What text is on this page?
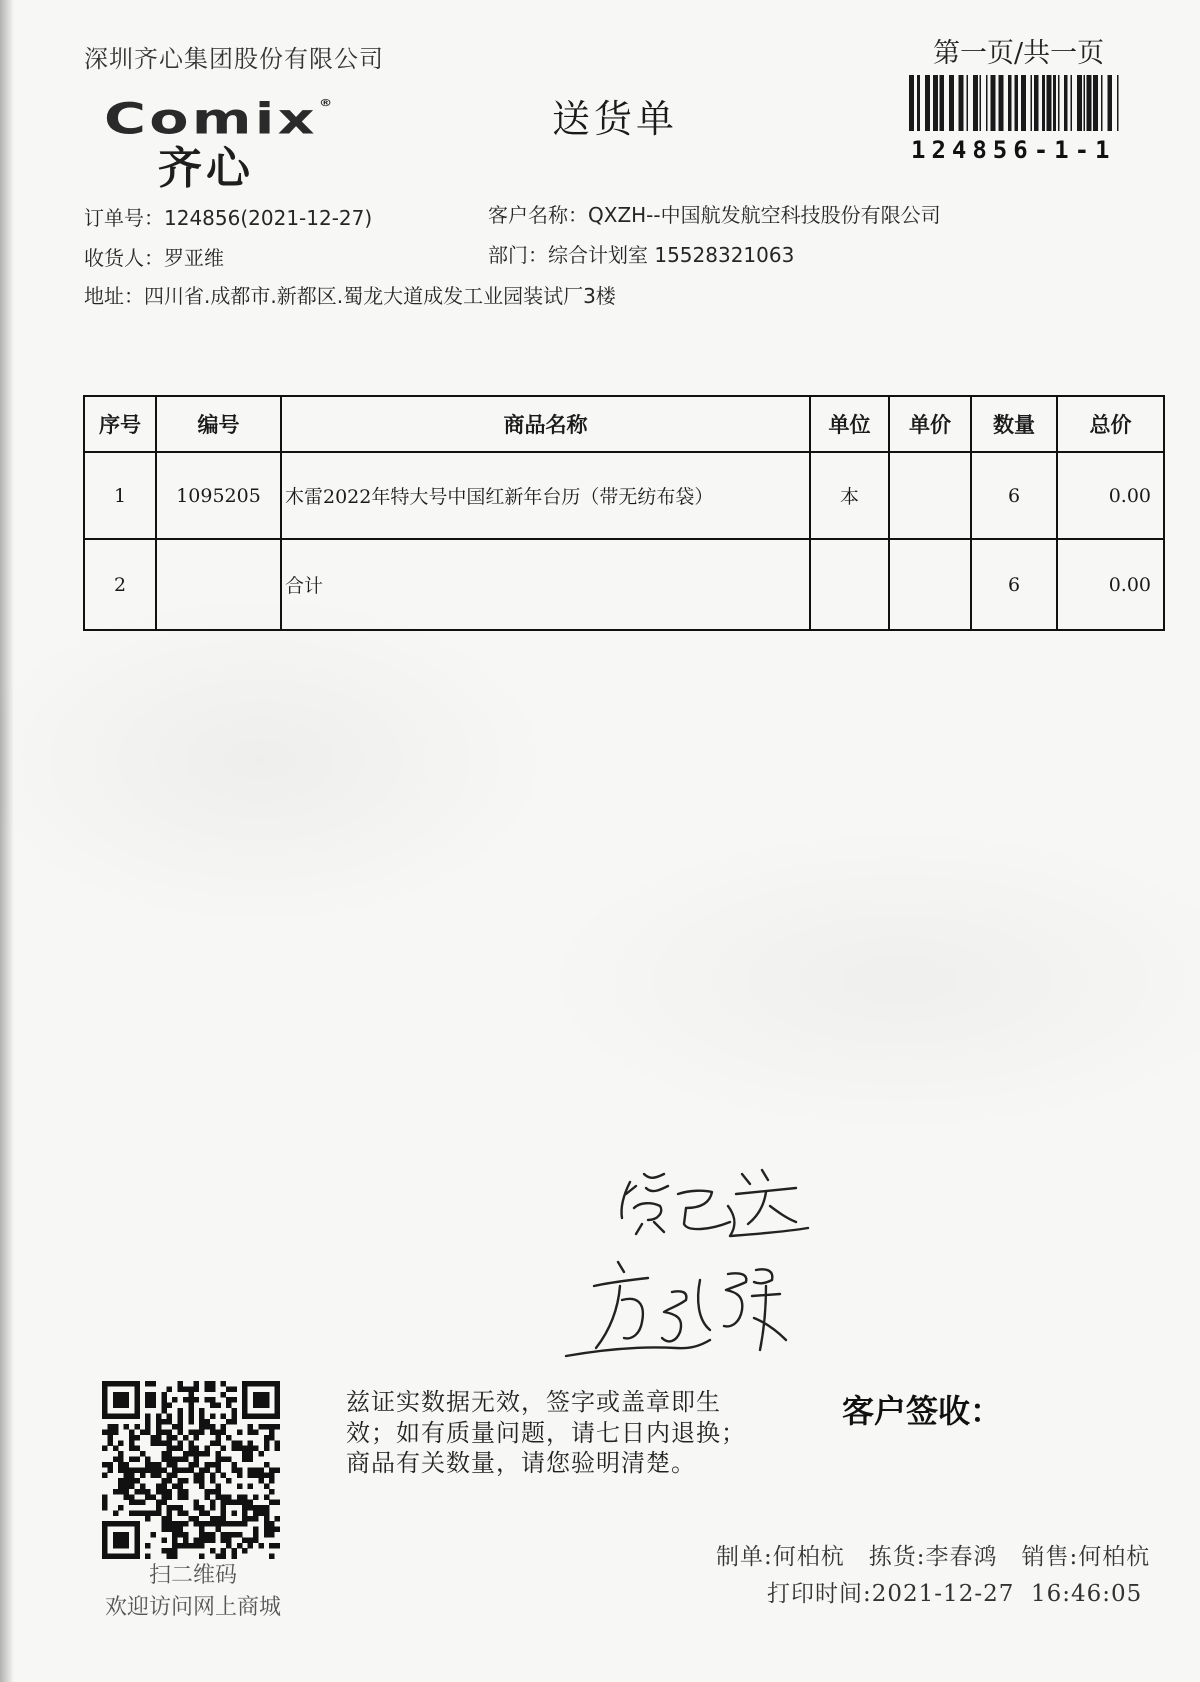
深圳齐心集团股份有限公司
Comix®
齐心
送货单
第一页/共一页
124856-1-1
订单号：124856(2021-12-27)	客户名称：QXZH--中国航发航空科技股份有限公司
收货人：罗亚维	部门：综合计划室 15528321063
地址：四川省.成都市.新都区.蜀龙大道成发工业园装试厂3楼
序号	编号	商品名称	单位	单价	数量	总价
1	1095205	木雷2022年特大号中国红新年台历（带无纺布袋）	本		6	0.00
2		合计			6	0.00
扫二维码
欢迎访问网上商城
兹证实数据无效，签字或盖章即生
效；如有质量问题，请七日内退换；
商品有关数量，请您验明清楚。
客户签收：
制单:何柏杭 拣货:李春鸿 销售:何柏杭
打印时间:2021-12-27  16:46:05
